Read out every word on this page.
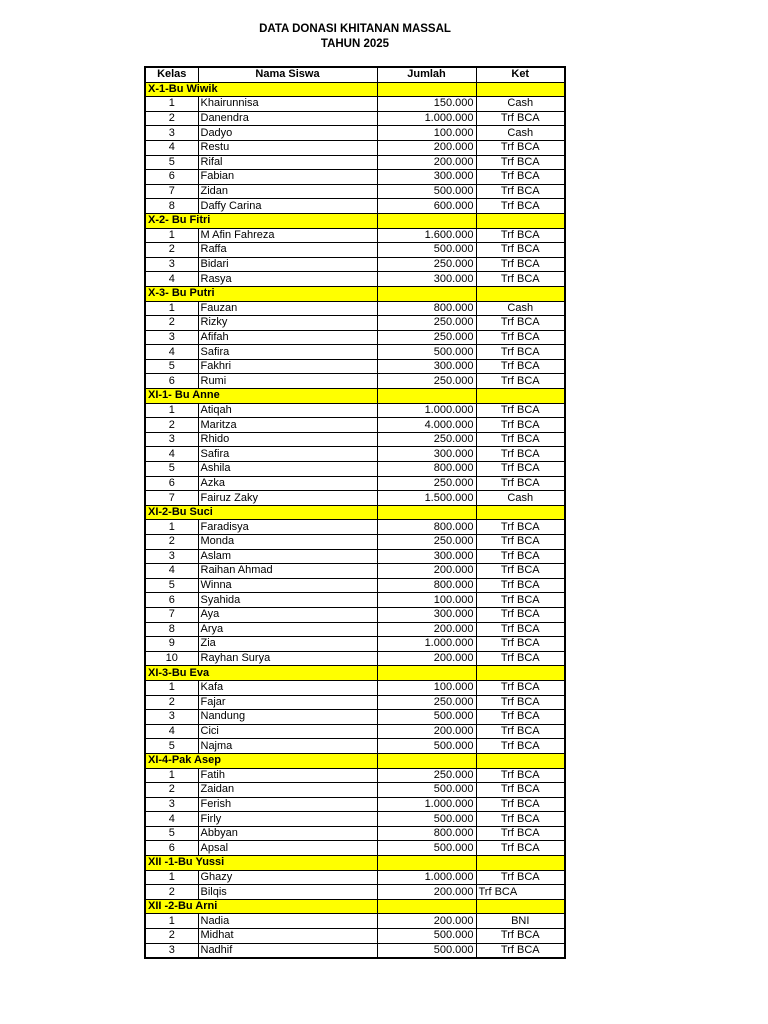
DATA DONASI KHITANAN MASSAL
TAHUN 2025
Kelas	Nama Siswa	Jumlah	Ket
X-1-Bu Wiwik			
1	Khairunnisa	150.000	Cash
2	Danendra	1.000.000	Trf BCA
3	Dadyo	100.000	Cash
4	Restu	200.000	Trf BCA
5	Rifal	200.000	Trf BCA
6	Fabian	300.000	Trf BCA
7	Zidan	500.000	Trf BCA
8	Daffy Carina	600.000	Trf BCA
X-2- Bu Fitri			
1	M Afin Fahreza	1.600.000	Trf BCA
2	Raffa	500.000	Trf BCA
3	Bidari	250.000	Trf BCA
4	Rasya	300.000	Trf BCA
X-3- Bu Putri			
1	Fauzan	800.000	Cash
2	Rizky	250.000	Trf BCA
3	Afifah	250.000	Trf BCA
4	Safira	500.000	Trf BCA
5	Fakhri	300.000	Trf BCA
6	Rumi	250.000	Trf BCA
XI-1- Bu Anne			
1	Atiqah	1.000.000	Trf BCA
2	Maritza	4.000.000	Trf BCA
3	Rhido	250.000	Trf BCA
4	Safira	300.000	Trf BCA
5	Ashila	800.000	Trf BCA
6	Azka	250.000	Trf BCA
7	Fairuz Zaky	1.500.000	Cash
XI-2-Bu Suci			
1	Faradisya	800.000	Trf BCA
2	Monda	250.000	Trf BCA
3	Aslam	300.000	Trf BCA
4	Raihan Ahmad	200.000	Trf BCA
5	Winna	800.000	Trf BCA
6	Syahida	100.000	Trf BCA
7	Aya	300.000	Trf BCA
8	Arya	200.000	Trf BCA
9	Zia	1.000.000	Trf BCA
10	Rayhan Surya	200.000	Trf BCA
XI-3-Bu Eva			
1	Kafa	100.000	Trf BCA
2	Fajar	250.000	Trf BCA
3	Nandung	500.000	Trf BCA
4	Cici	200.000	Trf BCA
5	Najma	500.000	Trf BCA
XI-4-Pak Asep			
1	Fatih	250.000	Trf BCA
2	Zaidan	500.000	Trf BCA
3	Ferish	1.000.000	Trf BCA
4	Firly	500.000	Trf BCA
5	Abbyan	800.000	Trf BCA
6	Apsal	500.000	Trf BCA
XII -1-Bu Yussi			
1	Ghazy	1.000.000	Trf BCA
2	Bilqis	200.000	Trf BCA
XII -2-Bu Arni			
1	Nadia	200.000	BNI
2	Midhat	500.000	Trf BCA
3	Nadhif	500.000	Trf BCA
